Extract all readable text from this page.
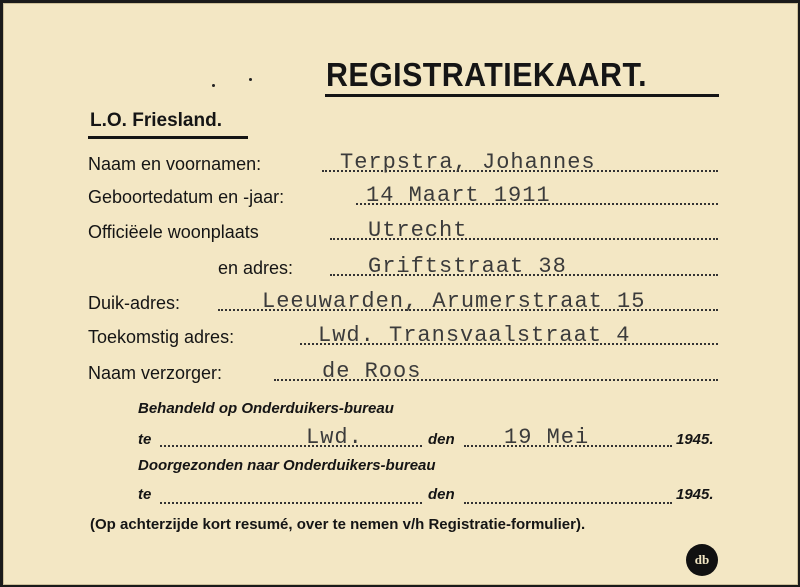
REGISTRATIEKAART.
L.O. Friesland.
Naam en voornamen:	Terpstra, Johannes
Geboortedatum en -jaar:	14 Maart 1911
Officiëele woonplaats	Utrecht
en adres:	Griftstraat 38
Duik-adres:	Leeuwarden, Arumerstraat 15
Toekomstig adres:	Lwd. Transvaalstraat 4
Naam verzorger:	de Roos
Behandeld op Onderduikers-bureau
te	Lwd.	den 19 Mei	1945.
Doorgezonden naar Onderduikers-bureau
te	den	1945.
(Op achterzijde kort resumé, over te nemen v/h Registratie-formulier).
db
